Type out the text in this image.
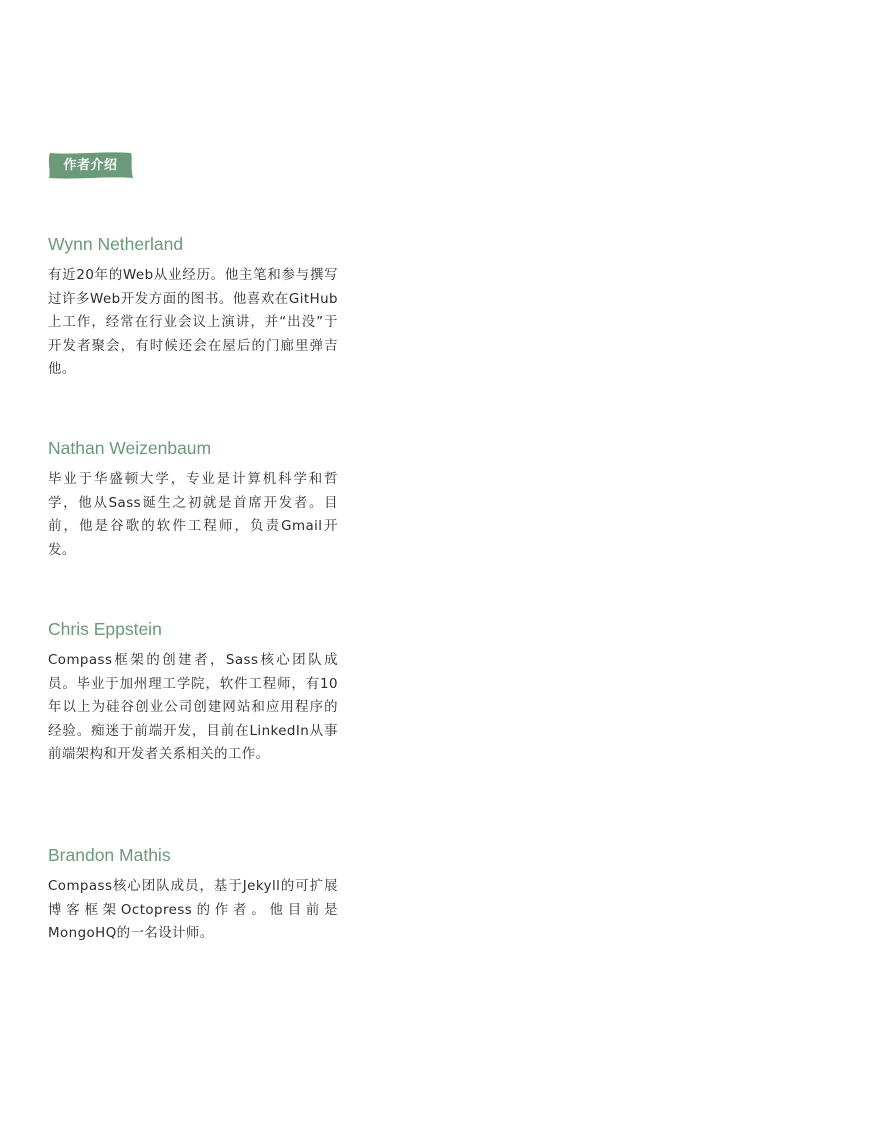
作者介绍
Wynn Netherland

有近20年的Web从业经历。他主笔和参与撰写过许多Web开发方面的图书。他喜欢在GitHub上工作，经常在行业会议上演讲，并“出没”于开发者聚会，有时候还会在屋后的门廊里弹吉他。

Nathan Weizenbaum

毕业于华盛顿大学，专业是计算机科学和哲学，他从Sass诞生之初就是首席开发者。目前，他是谷歌的软件工程师，负责Gmail开发。

Chris Eppstein

Compass框架的创建者，Sass核心团队成员。毕业于加州理工学院，软件工程师，有10年以上为硅谷创业公司创建网站和应用程序的经验。痴迷于前端开发，目前在LinkedIn从事前端架构和开发者关系相关的工作。

Brandon Mathis

Compass核心团队成员，基于Jekyll的可扩展博客框架Octopress的作者。他目前是MongoHQ的一名设计师。
